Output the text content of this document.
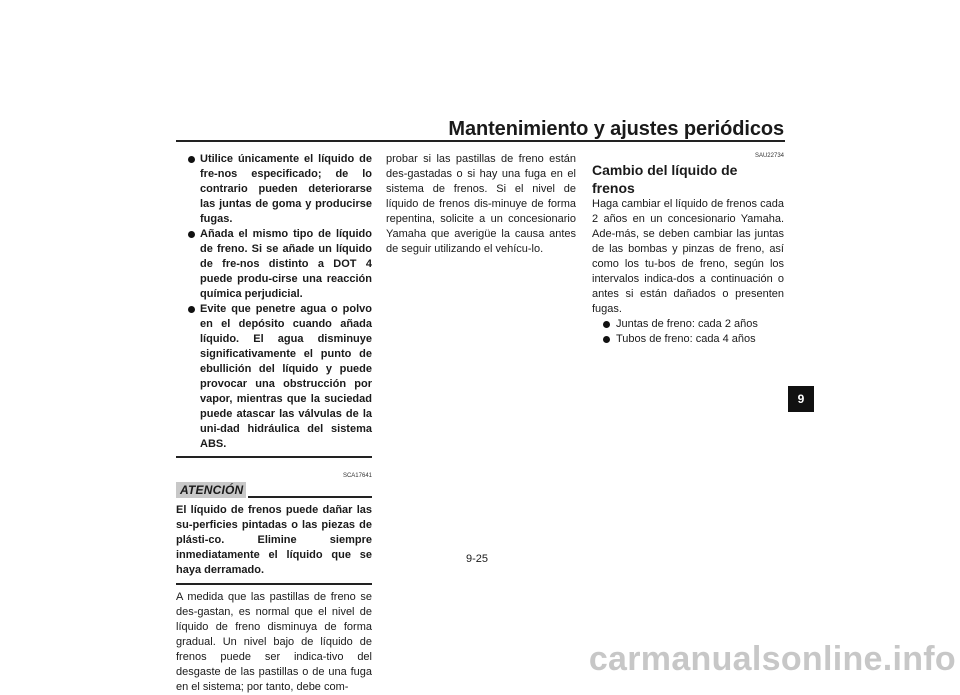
Mantenimiento y ajustes periódicos
Utilice únicamente el líquido de fre-nos especificado; de lo contrario pueden deteriorarse las juntas de goma y producirse fugas.
Añada el mismo tipo de líquido de freno. Si se añade un líquido de fre-nos distinto a DOT 4 puede produ-cirse una reacción química perjudicial.
Evite que penetre agua o polvo en el depósito cuando añada líquido. El agua disminuye significativamente el punto de ebullición del líquido y puede provocar una obstrucción por vapor, mientras que la suciedad puede atascar las válvulas de la uni-dad hidráulica del sistema ABS.
SCA17641
ATENCIÓN
El líquido de frenos puede dañar las su-perficies pintadas o las piezas de plásti-co. Elimine siempre inmediatamente el líquido que se haya derramado.

A medida que las pastillas de freno se des-gastan, es normal que el nivel de líquido de freno disminuya de forma gradual. Un nivel bajo de líquido de frenos puede ser indica-tivo del desgaste de las pastillas o de una fuga en el sistema; por tanto, debe com-

probar si las pastillas de freno están des-gastadas o si hay una fuga en el sistema de frenos. Si el nivel de líquido de frenos dis-minuye de forma repentina, solicite a un concesionario Yamaha que averigüe la causa antes de seguir utilizando el vehícu-lo.

SAU22734
Cambio del líquido de frenos

Haga cambiar el líquido de frenos cada 2 años en un concesionario Yamaha. Ade-más, se deben cambiar las juntas de las bombas y pinzas de freno, así como los tu-bos de freno, según los intervalos indica-dos a continuación o antes si están dañados o presenten fugas.

Juntas de freno: cada 2 años
Tubos de freno: cada 4 años
9
9-25
carmanualsonline.info
